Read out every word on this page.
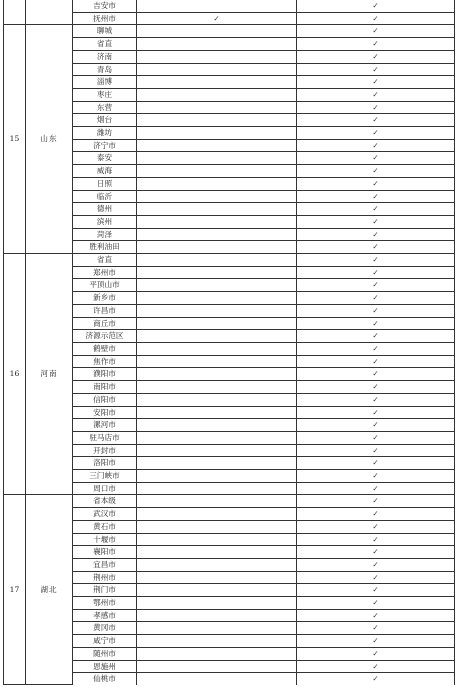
		吉安市		✓
		抚州市	✓	✓
15	山东	聊城		✓
		省直		✓
		济南		✓
		青岛		✓
		淄博		✓
		枣庄		✓
		东营		✓
		烟台		✓
		潍坊		✓
		济宁市		✓
		泰安		✓
		威海		✓
		日照		✓
		临沂		✓
		德州		✓
		滨州		✓
		菏泽		✓
		胜利油田		✓
16	河南	省直		✓
		郑州市		✓
		平顶山市		✓
		新乡市		✓
		许昌市		✓
		商丘市		✓
		济源示范区		✓
		鹤壁市		✓
		焦作市		✓
		濮阳市		✓
		南阳市		✓
		信阳市		✓
		安阳市		✓
		漯河市		✓
		驻马店市		✓
		开封市		✓
		洛阳市		✓
		三门峡市		✓
		周口市		✓
17	湖北	省本级		✓
		武汉市		✓
		黄石市		✓
		十堰市		✓
		襄阳市		✓
		宜昌市		✓
		荆州市		✓
		荆门市		✓
		鄂州市		✓
		孝感市		✓
		黄冈市		✓
		咸宁市		✓
		随州市		✓
		恩施州		✓
		仙桃市		✓
